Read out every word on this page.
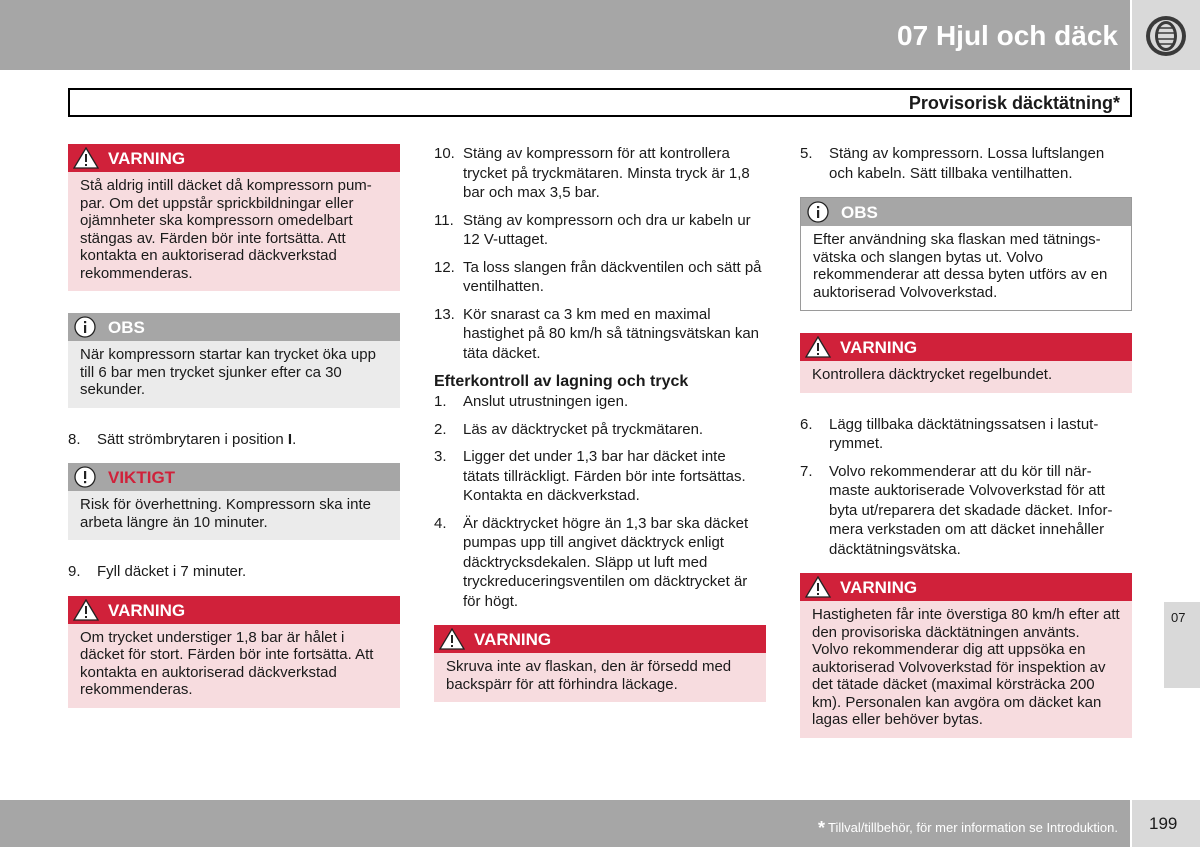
07 Hjul och däck
Provisorisk däcktätning*
VARNING
Stå aldrig intill däcket då kompressorn pum- par. Om det uppstår sprickbildningar eller ojämnheter ska kompressorn omedelbart stängas av. Färden bör inte fortsätta. Att kontakta en auktoriserad däckverkstad rekommenderas.
OBS
När kompressorn startar kan trycket öka upp till 6 bar men trycket sjunker efter ca 30 sekunder.
8. Sätt strömbrytaren i position I.
VIKTIGT
Risk för överhettning. Kompressorn ska inte arbeta längre än 10 minuter.
9. Fyll däcket i 7 minuter.
VARNING
Om trycket understiger 1,8 bar är hålet i däcket för stort. Färden bör inte fortsätta. Att kontakta en auktoriserad däckverkstad rekommenderas.
10. Stäng av kompressorn för att kontrollera trycket på tryckmätaren. Minsta tryck är 1,8 bar och max 3,5 bar.
11. Stäng av kompressorn och dra ur kabeln ur 12 V-uttaget.
12. Ta loss slangen från däckventilen och sätt på ventilhatten.
13. Kör snarast ca 3 km med en maximal hastighet på 80 km/h så tätningsvätskan kan täta däcket.
Efterkontroll av lagning och tryck
1. Anslut utrustningen igen.
2. Läs av däcktrycket på tryckmätaren.
3. Ligger det under 1,3 bar har däcket inte tätats tillräckligt. Färden bör inte fortsättas. Kontakta en däckverkstad.
4. Är däcktrycket högre än 1,3 bar ska däcket pumpas upp till angivet däcktryck enligt däcktrycksdekalen. Släpp ut luft med tryckreduceringsventilen om däcktrycket är för högt.
VARNING
Skruva inte av flaskan, den är försedd med backspärr för att förhindra läckage.
5. Stäng av kompressorn. Lossa luftslangen och kabeln. Sätt tillbaka ventilhatten.
OBS
Efter användning ska flaskan med tätnings- vätska och slangen bytas ut. Volvo rekommenderar att dessa byten utförs av en auktoriserad Volvoverkstad.
VARNING
Kontrollera däcktrycket regelbundet.
6. Lägg tillbaka däcktätningssatsen i lastut- rymmet.
7. Volvo rekommenderar att du kör till när- maste auktoriserade Volvoverkstad för att byta ut/reparera det skadade däcket. Infor- mera verkstaden om att däcket innehåller däcktätningsvätska.
VARNING
Hastigheten får inte överstiga 80 km/h efter att den provisoriska däcktätningen använts. Volvo rekommenderar dig att uppsöka en auktoriserad Volvoverkstad för inspektion av det tätade däcket (maximal körsträcka 200 km). Personalen kan avgöra om däcket kan lagas eller behöver bytas.
07
* Tillval/tillbehör, för mer information se Introduktion. 199
